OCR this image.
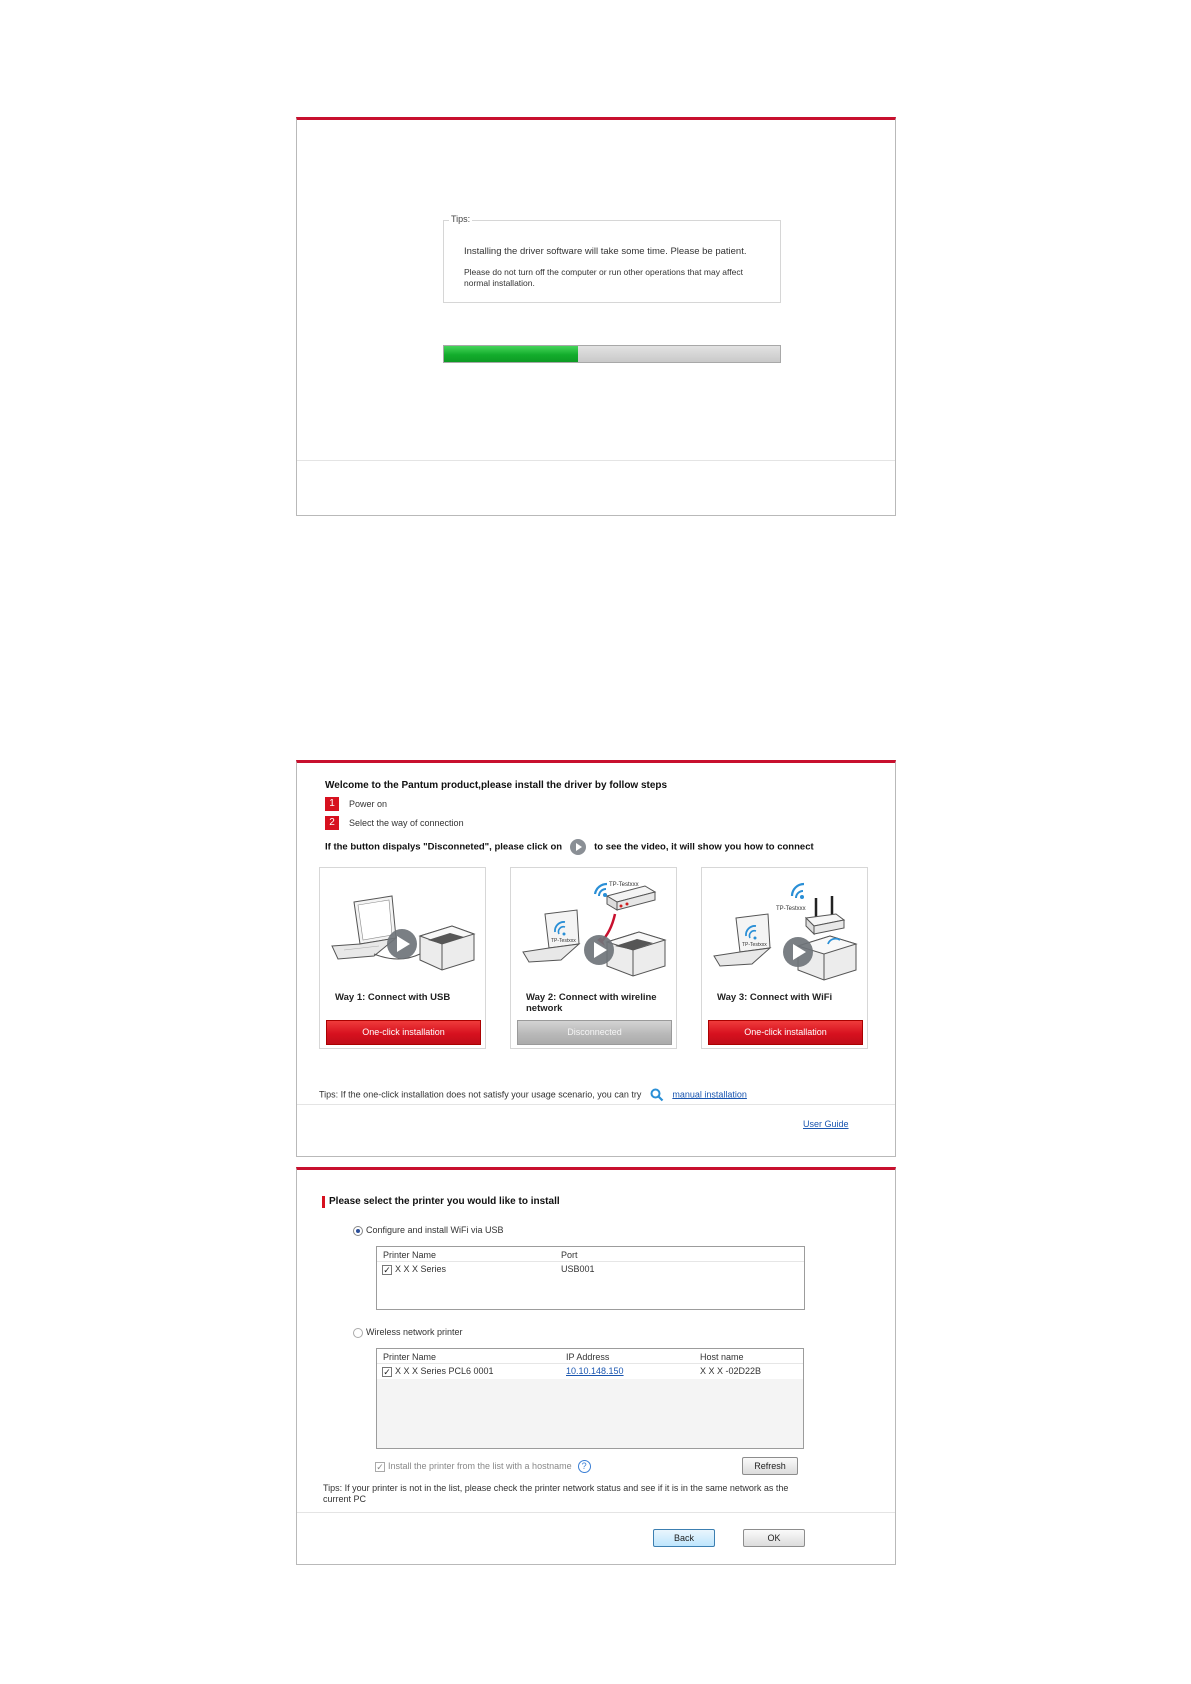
Tips:
Installing the driver software will take some time. Please be patient.
Please do not turn off the computer or run other operations that may affect normal installation.
Welcome to the Pantum product,please install the driver by follow steps
1 Power on
2 Select the way of connection
If the button dispalys "Disconneted", please click on	to see the video, it will show you how to connect
Way 1: Connect with USB
One-click installation
TP-Testxxx
TP-Testxxx
Way 2: Connect with wireline network
Disconnected
TP-Testxxx
TP-Testxxx
Way 3: Connect with WiFi
One-click installation
Tips: If the one-click installation does not satisfy your usage scenario, you can try	manual installation
User Guide
Please select the printer you would like to install
Configure and install WiFi via USB
Printer Name	Port
✓ X X X Series	USB001
Wireless network printer
Printer Name	IP Address	Host name
✓ X X X Series PCL6 0001	10.10.148.150	X X X -02D22B
✓ Install the printer from the list with a hostname ?	Refresh
Tips: If your printer is not in the list, please check the printer network status and see if it is in the same network as the current PC
Back	OK
